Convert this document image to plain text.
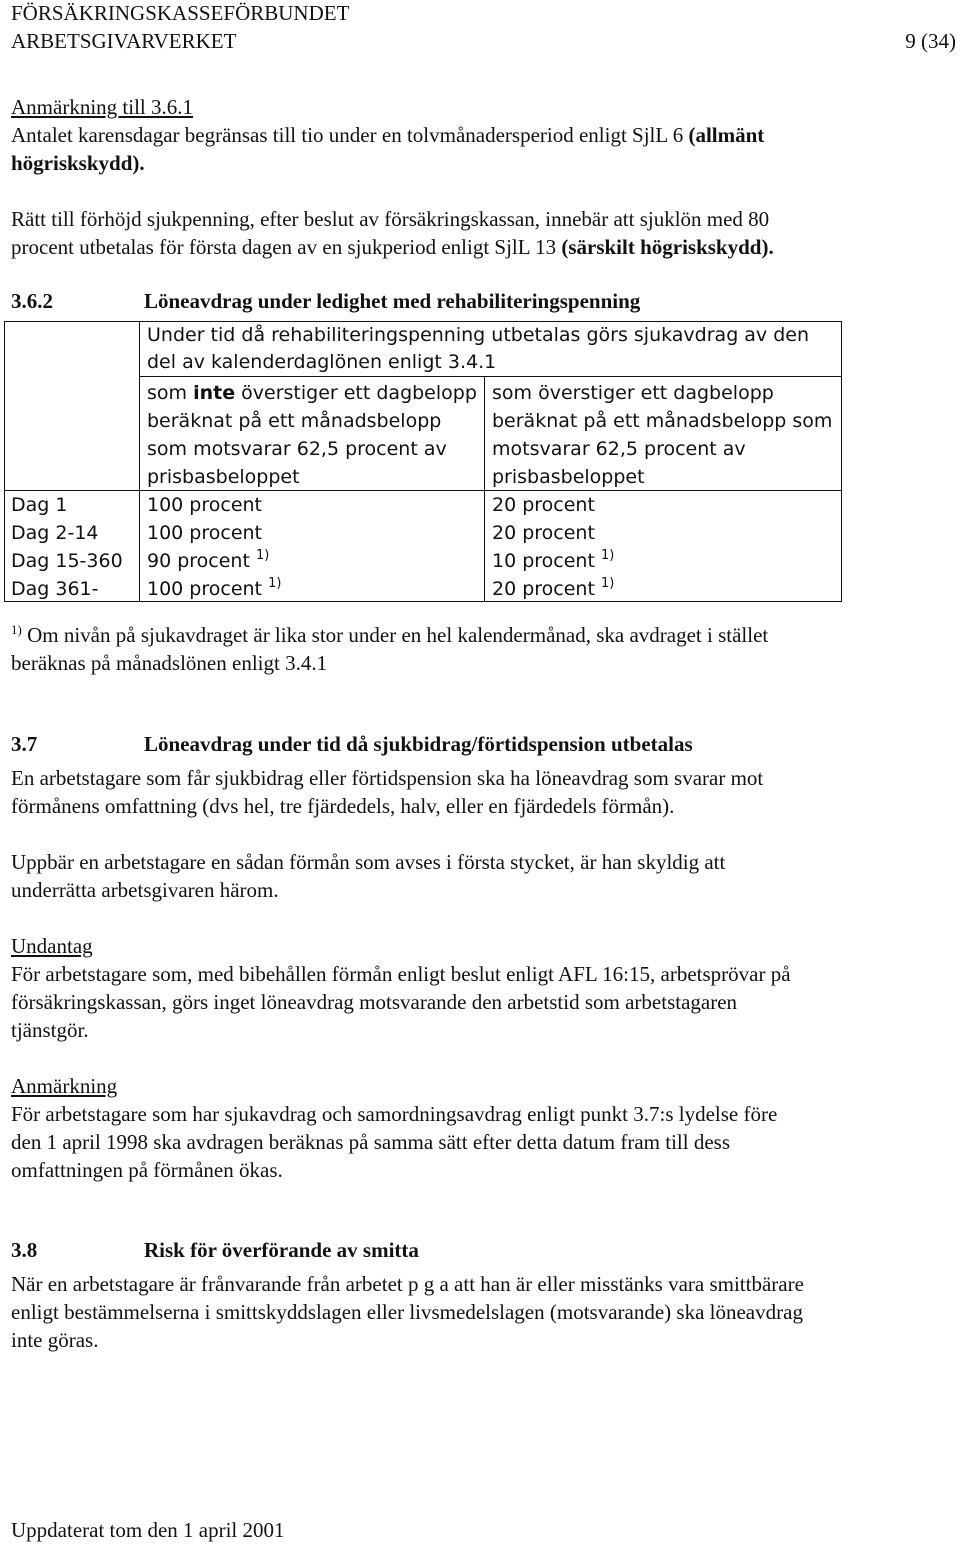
FÖRSÄKRINGSKASSEFÖRBUNDET
ARBETSGIVARVERKET	9 (34)
Anmärkning till 3.6.1
Antalet karensdagar begränsas till tio under en tolvmånadersperiod enligt SjlL 6 (allmänt
högriskskydd).
Rätt till förhöjd sjukpenning, efter beslut av försäkringskassan, innebär att sjuklön med 80
procent utbetalas för första dagen av en sjukperiod enligt SjlL 13 (särskilt högriskskydd).
3.6.2	Löneavdrag under ledighet med rehabiliteringspenning
Under tid då rehabiliteringspenning utbetalas görs sjukavdrag av den
del av kalenderdaglönen enligt 3.4.1
som inte överstiger ett dagbelopp
beräknat på ett månadsbelopp
som motsvarar 62,5 procent av
prisbasbeloppet
som överstiger ett dagbelopp
beräknat på ett månadsbelopp som
motsvarar 62,5 procent av
prisbasbeloppet
Dag 1	100 procent	20 procent
Dag 2-14	100 procent	20 procent
Dag 15-360 90 procent $^{1)}$	10 procent $^{1)}$
Dag 361-	100 procent $^{1)}$	20 procent $^{1)}$
$^{1)}$ Om nivån på sjukavdraget är lika stor under en hel kalendermånad, ska avdraget i stället
beräknas på månadslönen enligt 3.4.1
3.7	Löneavdrag under tid då sjukbidrag/förtidspension utbetalas
En arbetstagare som får sjukbidrag eller förtidspension ska ha löneavdrag som svarar mot
förmånens omfattning (dvs hel, tre fjärdedels, halv, eller en fjärdedels förmån).
Uppbär en arbetstagare en sådan förmån som avses i första stycket, är han skyldig att
underrätta arbetsgivaren härom.
Undantag
För arbetstagare som, med bibehållen förmån enligt beslut enligt AFL 16:15, arbetsprövar på
försäkringskassan, görs inget löneavdrag motsvarande den arbetstid som arbetstagaren
tjänstgör.
Anmärkning
För arbetstagare som har sjukavdrag och samordningsavdrag enligt punkt 3.7:s lydelse före
den 1 april 1998 ska avdragen beräknas på samma sätt efter detta datum fram till dess
omfattningen på förmånen ökas.
3.8	Risk för överförande av smitta
När en arbetstagare är frånvarande från arbetet p g a att han är eller misstänks vara smittbärare
enligt bestämmelserna i smittskyddslagen eller livsmedelslagen (motsvarande) ska löneavdrag
inte göras.
Uppdaterat tom den 1 april 2001
